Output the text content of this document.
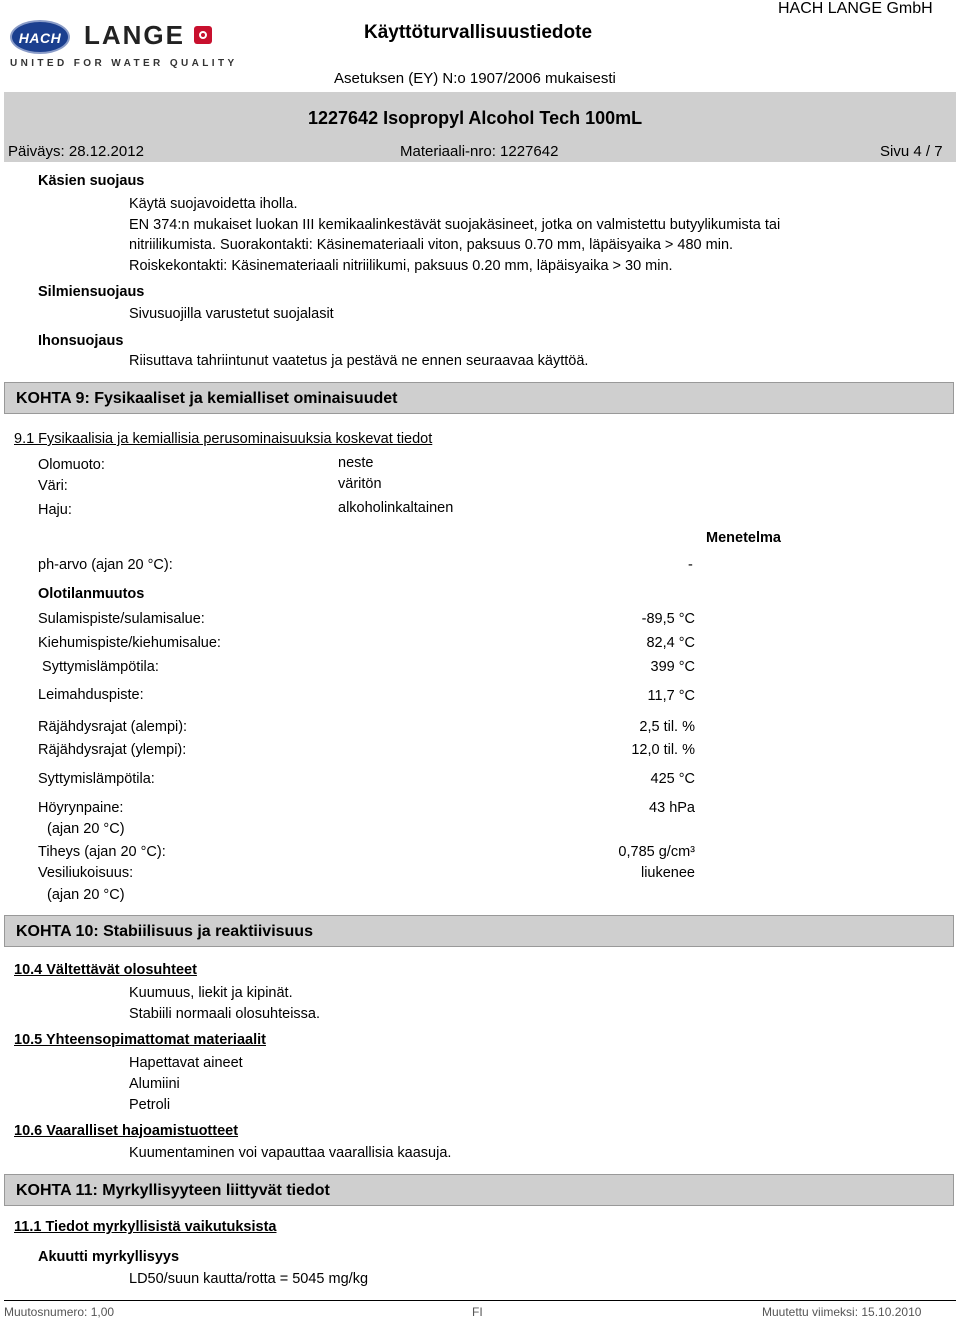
HACH LANGE
UNITED FOR WATER QUALITY
Käyttöturvallisuustiedote
HACH LANGE GmbH
Asetuksen (EY) N:o 1907/2006 mukaisesti
1227642 Isopropyl Alcohol Tech 100mL
Päiväys: 28.12.2012	Materiaali-nro: 1227642	Sivu 4 / 7
Käsien suojaus
Käytä suojavoidetta iholla.
EN 374:n mukaiset luokan III kemikaalinkestävät suojakäsineet, jotka on valmistettu butyylikumista tai
nitriilikumista. Suorakontakti: Käsinemateriaali viton, paksuus 0.70 mm, läpäisyaika > 480 min.
Roiskekontakti: Käsinemateriaali nitriilikumi, paksuus 0.20 mm, läpäisyaika > 30 min.
Silmiensuojaus
Sivusuojilla varustetut suojalasit
Ihonsuojaus
Riisuttava tahriintunut vaatetus ja pestävä ne ennen seuraavaa käyttöä.
KOHTA 9: Fysikaaliset ja kemialliset ominaisuudet
9.1 Fysikaalisia ja kemiallisia perusominaisuuksia koskevat tiedot
Olomuoto:	neste
Väri:	väritön
Haju:	alkoholinkaltainen
Menetelma
ph-arvo (ajan 20 °C):	-
Olotilanmuutos
Sulamispiste/sulamisalue:	-89,5 °C
Kiehumispiste/kiehumisalue:	82,4 °C
Syttymislämpötila:	399 °C
Leimahduspiste:	11,7 °C
Räjähdysrajat (alempi):	2,5 til. %
Räjähdysrajat (ylempi):	12,0 til. %
Syttymislämpötila:	425 °C
Höyrynpaine:	43 hPa
(ajan 20 °C)
Tiheys (ajan 20 °C):	0,785 g/cm³
Vesiliukoisuus:	liukenee
(ajan 20 °C)
KOHTA 10: Stabiilisuus ja reaktiivisuus
10.4 Vältettävät olosuhteet
Kuumuus, liekit ja kipinät.
Stabiili normaali olosuhteissa.
10.5 Yhteensopimattomat materiaalit
Hapettavat aineet
Alumiini
Petroli
10.6 Vaaralliset hajoamistuotteet
Kuumentaminen voi vapauttaa vaarallisia kaasuja.
KOHTA 11: Myrkyllisyyteen liittyvät tiedot
11.1 Tiedot myrkyllisistä vaikutuksista
Akuutti myrkyllisyys
LD50/suun kautta/rotta = 5045 mg/kg
Muutosnumero: 1,00	FI	Muutettu viimeksi: 15.10.2010
